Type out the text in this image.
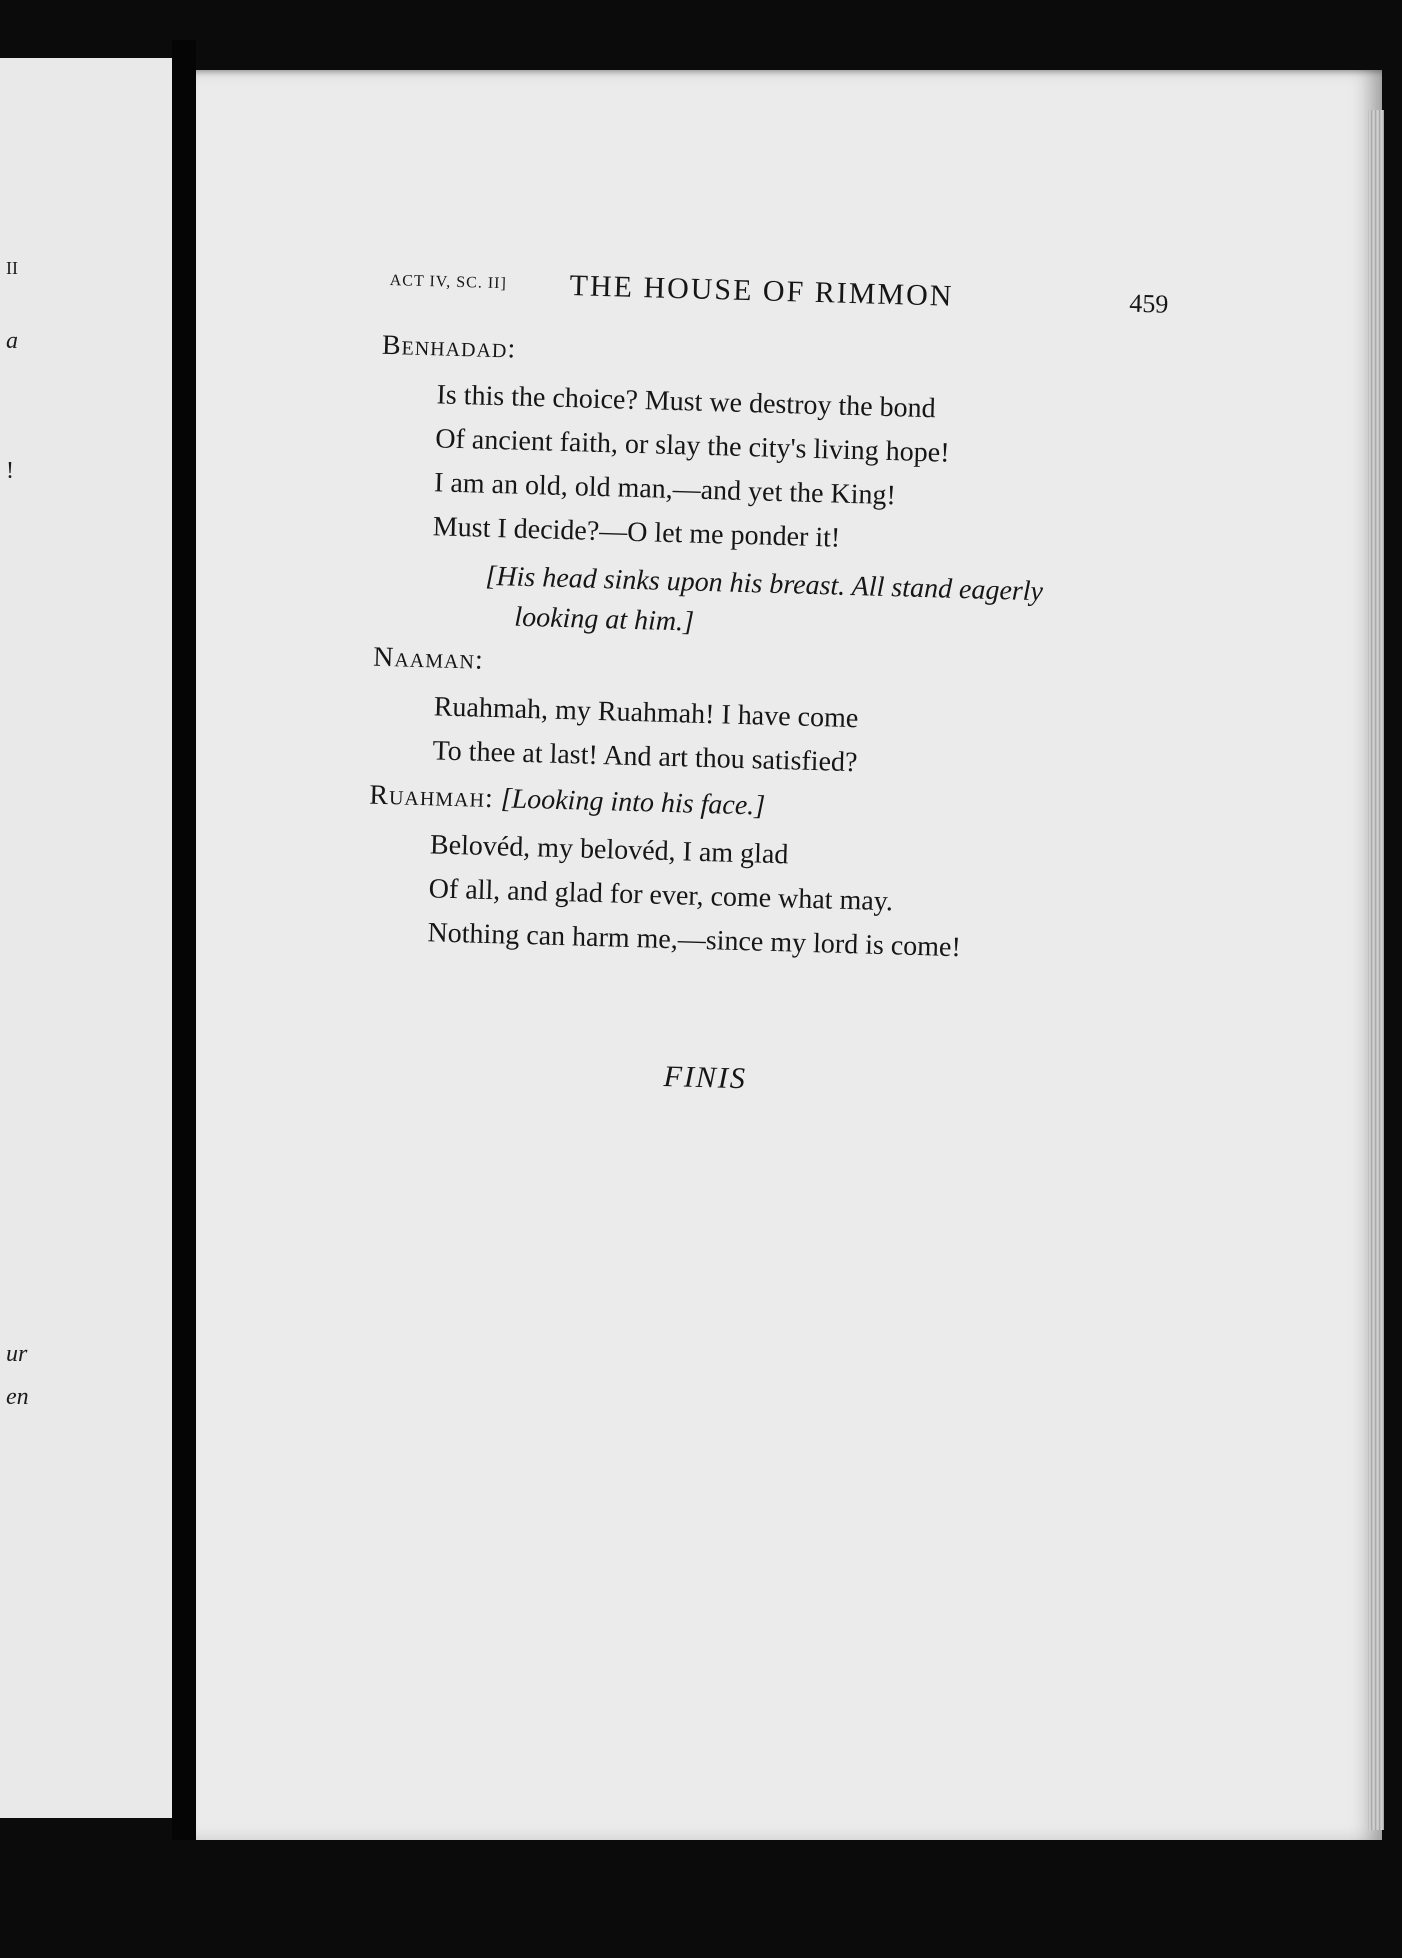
II
a
!
ur
en
ACT IV, SC. II] THE HOUSE OF RIMMON	459
Benhadad:
Is this the choice? Must we destroy the bond
Of ancient faith, or slay the city's living hope!
I am an old, old man,—and yet the King!
Must I decide?—O let me ponder it!
[His head sinks upon his breast. All stand eagerly
looking at him.]
Naaman:
Ruahmah, my Ruahmah! I have come
To thee at last! And art thou satisfied?
Ruahmah: [Looking into his face.]
Belovéd, my belovéd, I am glad
Of all, and glad for ever, come what may.
Nothing can harm me,—since my lord is come!
FINIS
